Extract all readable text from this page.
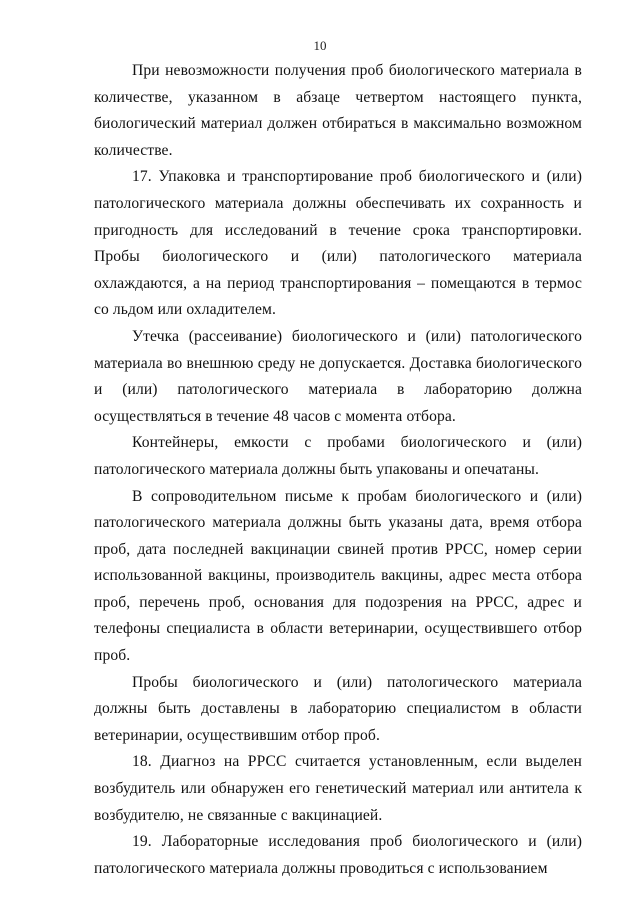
10

При невозможности получения проб биологического материала в количестве, указанном в абзаце четвертом настоящего пункта, биологический материал должен отбираться в максимально возможном количестве.

17. Упаковка и транспортирование проб биологического и (или) патологического материала должны обеспечивать их сохранность и пригодность для исследований в течение срока транспортировки. Пробы биологического и (или) патологического материала охлаждаются, а на период транспортирования – помещаются в термос со льдом или охладителем.

Утечка (рассеивание) биологического и (или) патологического материала во внешнюю среду не допускается. Доставка биологического и (или) патологического материала в лабораторию должна осуществляться в течение 48 часов с момента отбора.

Контейнеры, емкости с пробами биологического и (или) патологического материала должны быть упакованы и опечатаны.

В сопроводительном письме к пробам биологического и (или) патологического материала должны быть указаны дата, время отбора проб, дата последней вакцинации свиней против РРСС, номер серии использованной вакцины, производитель вакцины, адрес места отбора проб, перечень проб, основания для подозрения на РРСС, адрес и телефоны специалиста в области ветеринарии, осуществившего отбор проб.

Пробы биологического и (или) патологического материала должны быть доставлены в лабораторию специалистом в области ветеринарии, осуществившим отбор проб.

18. Диагноз на РРСС считается установленным, если выделен возбудитель или обнаружен его генетический материал или антитела к возбудителю, не связанные с вакцинацией.

19. Лабораторные исследования проб биологического и (или) патологического материала должны проводиться с использованием
